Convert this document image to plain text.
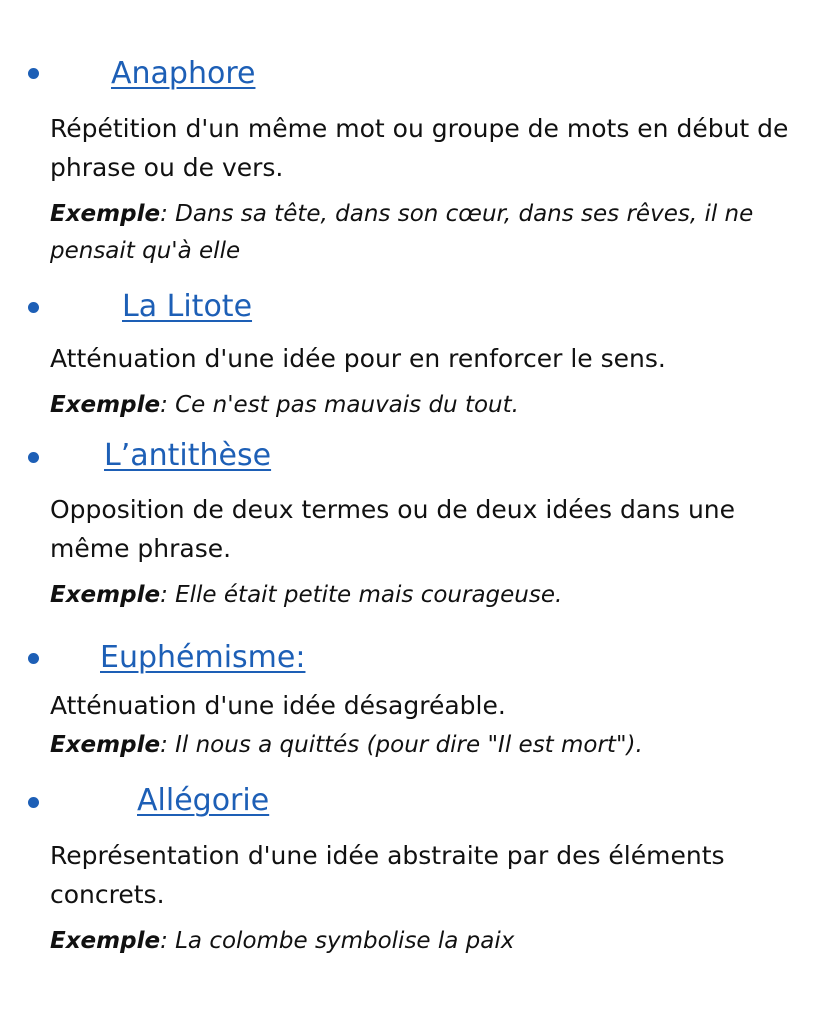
Anaphore
Répétition d'un même mot ou groupe de mots en début de phrase ou de vers.
Exemple: Dans sa tête, dans son cœur, dans ses rêves, il ne pensait qu'à elle
La Litote
Atténuation d'une idée pour en renforcer le sens.
Exemple: Ce n'est pas mauvais du tout.
L’antithèse
Opposition de deux termes ou de deux idées dans une même phrase.
Exemple: Elle était petite mais courageuse.
Euphémisme:
Atténuation d'une idée désagréable.
Exemple: Il nous a quittés (pour dire "Il est mort").
Allégorie
Représentation d'une idée abstraite par des éléments concrets.
Exemple: La colombe symbolise la paix
